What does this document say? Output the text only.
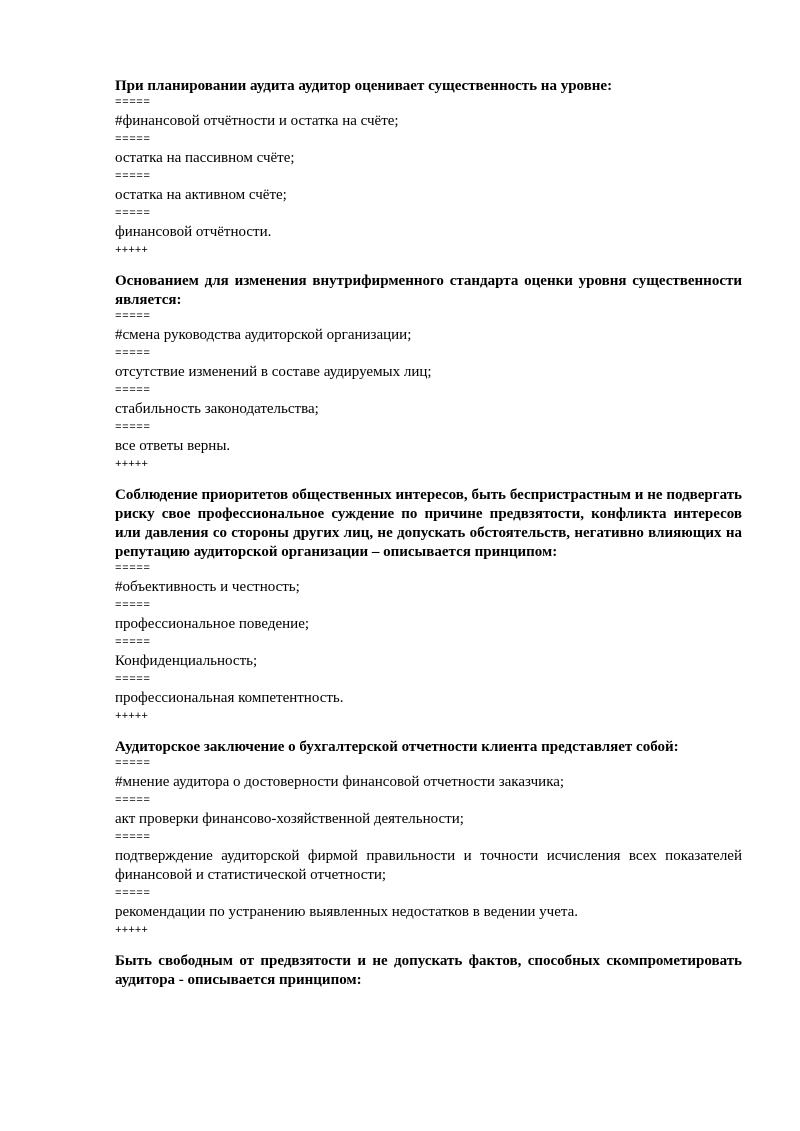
При планировании аудита аудитор оценивает существенность на уровне:
=====
#финансовой отчётности и остатка на счёте;
=====
остатка на пассивном счёте;
=====
остатка на активном счёте;
=====
финансовой отчётности.
+++++
Основанием для изменения внутрифирменного стандарта оценки уровня существенности является:
=====
#смена руководства аудиторской организации;
=====
отсутствие изменений в составе аудируемых лиц;
=====
стабильность законодательства;
=====
все ответы верны.
+++++
Соблюдение приоритетов общественных интересов, быть беспристрастным и не подвергать риску свое профессиональное суждение по причине предвзятости, конфликта интересов или давления со стороны других лиц, не допускать обстоятельств, негативно влияющих на репутацию аудиторской организации – описывается принципом:
=====
#объективность и честность;
=====
профессиональное поведение;
=====
Конфиденциальность;
=====
профессиональная компетентность.
+++++
Аудиторское заключение о бухгалтерской отчетности клиента представляет собой:
=====
#мнение аудитора о достоверности финансовой отчетности заказчика;
=====
акт проверки финансово-хозяйственной деятельности;
=====
подтверждение аудиторской фирмой правильности и точности исчисления всех показателей финансовой и статистической отчетности;
=====
рекомендации по устранению выявленных недостатков в ведении учета.
+++++
Быть свободным от предвзятости и не допускать фактов, способных скомпрометировать аудитора - описывается принципом:
